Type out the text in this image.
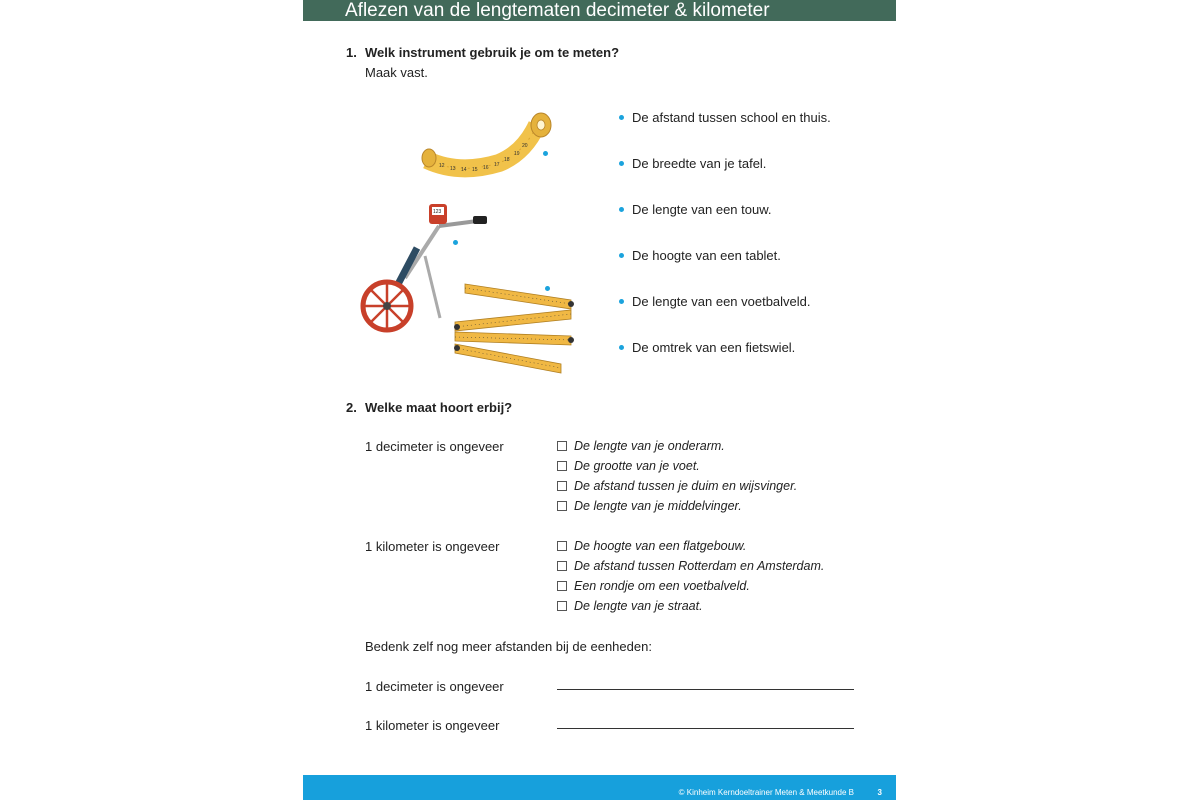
Aflezen van de lengtematen decimeter & kilometer
1. Welk instrument gebruik je om te meten?
Maak vast.
12 13 14 15 16 17
18
19
20
123
De afstand tussen school en thuis.
De breedte van je tafel.
De lengte van een touw.
De hoogte van een tablet.
De lengte van een voetbalveld.
De omtrek van een fietswiel.
2. Welke maat hoort erbij?
1 decimeter is ongeveer	De lengte van je onderarm.
De grootte van je voet.
De afstand tussen je duim en wijsvinger.
De lengte van je middelvinger.
1 kilometer is ongeveer	De hoogte van een flatgebouw.
De afstand tussen Rotterdam en Amsterdam.
Een rondje om een voetbalveld.
De lengte van je straat.
Bedenk zelf nog meer afstanden bij de eenheden:
1 decimeter is ongeveer
1 kilometer is ongeveer
© Kinheim Kerndoeltrainer Meten & Meetkunde B	3
